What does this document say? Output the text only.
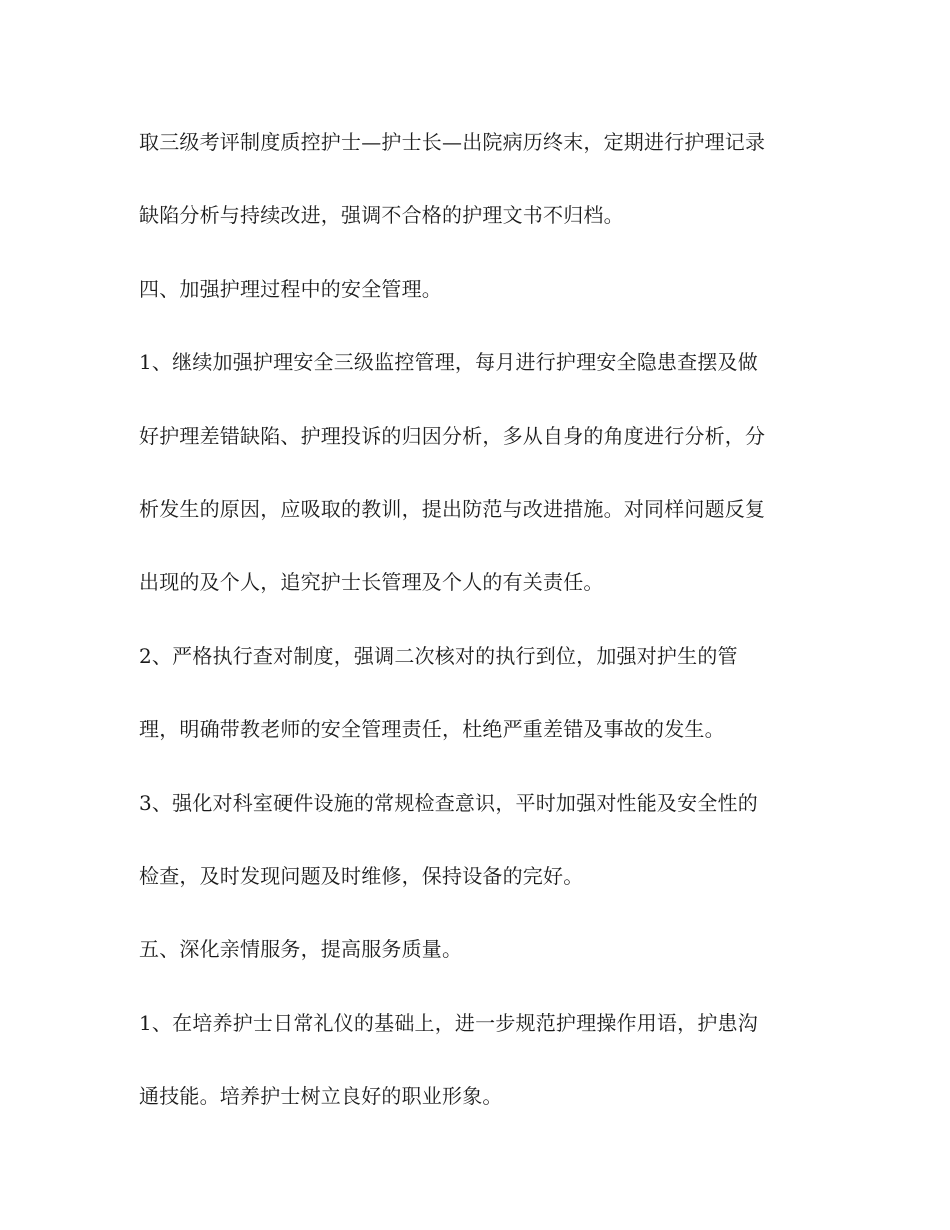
取三级考评制度质控护士—护士长—出院病历终末，定期进行护理记录
缺陷分析与持续改进，强调不合格的护理文书不归档。
四、加强护理过程中的安全管理。
1、继续加强护理安全三级监控管理，每月进行护理安全隐患查摆及做
好护理差错缺陷、护理投诉的归因分析，多从自身的角度进行分析，分
析发生的原因，应吸取的教训，提出防范与改进措施。对同样问题反复
出现的及个人，追究护士长管理及个人的有关责任。
2、严格执行查对制度，强调二次核对的执行到位，加强对护生的管
理，明确带教老师的安全管理责任，杜绝严重差错及事故的发生。
3、强化对科室硬件设施的常规检查意识，平时加强对性能及安全性的
检查，及时发现问题及时维修，保持设备的完好。
五、深化亲情服务，提高服务质量。
1、在培养护士日常礼仪的基础上，进一步规范护理操作用语，护患沟
通技能。培养护士树立良好的职业形象。
